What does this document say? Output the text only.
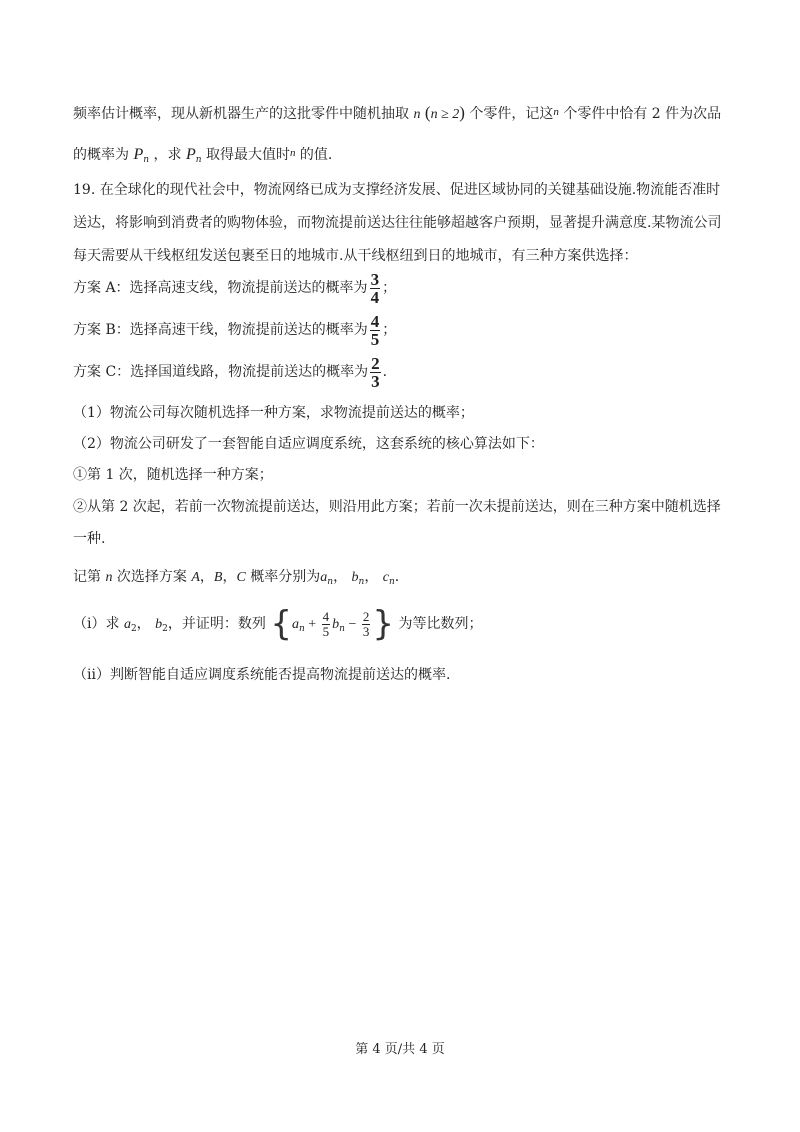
频率估计概率，现从新机器生产的这批零件中随机抽取 n (n ≥ 2) 个零件，记这$^n$ 个零件中恰有 2 件为次品
的概率为 $P_n$ ，求 $P_n$ 取得最大值时$^n$ 的值.
19. 在全球化的现代社会中，物流网络已成为支撑经济发展、促进区域协同的关键基础设施.物流能否准时
送达，将影响到消费者的购物体验，而物流提前送达往往能够超越客户预期，显著提升满意度.某物流公司
每天需要从干线枢纽发送包裹至日的地城市.从干线枢纽到日的地城市，有三种方案供选择：
方案 A：选择高速支线，物流提前送达的概率为 $\frac{3}{4}$ ；
方案 B：选择高速干线，物流提前送达的概率为 $\frac{4}{5}$ ；
方案 C：选择国道线路，物流提前送达的概率为 $\frac{2}{3}$ .
（1）物流公司每次随机选择一种方案，求物流提前送达的概率；
（2）物流公司研发了一套智能自适应调度系统，这套系统的核心算法如下：
①第 1 次，随机选择一种方案；
②从第 2 次起，若前一次物流提前送达，则沿用此方案；若前一次未提前送达，则在三种方案中随机选择
一种.
记第 n 次选择方案 A，B，C 概率分别为$a_n$， $b_n$， $c_n$.
（i）求 $a_2$， $b_2$，并证明：数列 {$a_n + \frac{4}{5} b_n - \frac{2}{3}$ } 为等比数列；
（ii）判断智能自适应调度系统能否提高物流提前送达的概率.
第 4 页/共 4 页
